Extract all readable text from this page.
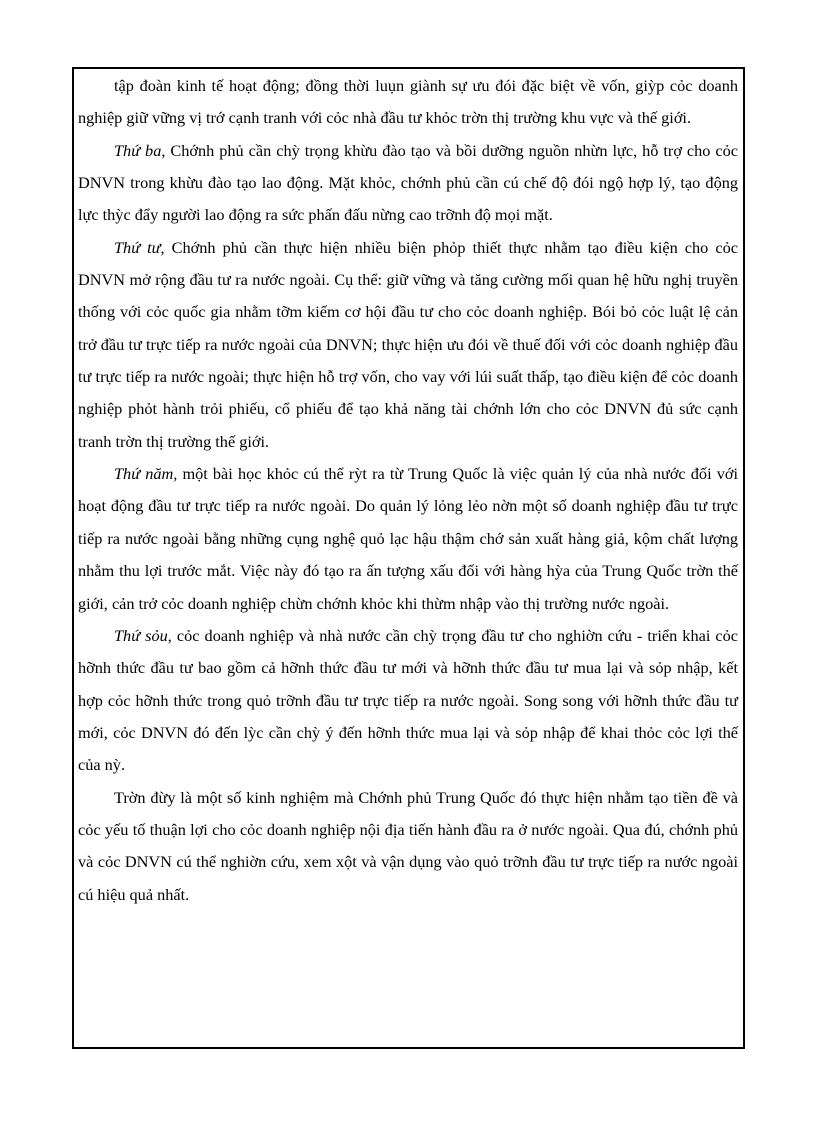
tập đoàn kinh tế hoạt động; đồng thời luụn giành sự ưu đói đặc biệt về vốn, giỳp cỏc doanh nghiệp giữ vững vị trớ cạnh tranh với cỏc nhà đầu tư khỏc trờn thị trường khu vực và thế giới.

Thứ ba, Chớnh phủ cần chỳ trọng khừu đào tạo và bồi dưỡng nguồn nhừn lực, hỗ trợ cho cỏc DNVN trong khừu đào tạo lao động. Mặt khỏc, chớnh phủ cần cú chế độ đói ngộ hợp lý, tạo động lực thỳc đẩy người lao động ra sức phấn đấu nừng cao trỡnh độ mọi mặt.

Thứ tư, Chớnh phủ cần thực hiện nhiều biện phỏp thiết thực nhằm tạo điều kiện cho cỏc DNVN mở rộng đầu tư ra nước ngoài. Cụ thể: giữ vững và tăng cường mối quan hệ hữu nghị truyền thống với cỏc quốc gia nhằm tỡm kiếm cơ hội đầu tư cho cỏc doanh nghiệp. Bói bỏ cỏc luật lệ cản trở đầu tư trực tiếp ra nước ngoài của DNVN; thực hiện ưu đói về thuế đối với cỏc doanh nghiệp đầu tư trực tiếp ra nước ngoài; thực hiện hỗ trợ vốn, cho vay với lúi suất thấp, tạo điều kiện để cỏc doanh nghiệp phỏt hành trỏi phiếu, cổ phiếu để tạo khả năng tài chớnh lớn cho cỏc DNVN đủ sức cạnh tranh trờn thị trường thế giới.

Thứ năm, một bài học khỏc cú thể rỳt ra từ Trung Quốc là việc quản lý của nhà nước đối với hoạt động đầu tư trực tiếp ra nước ngoài. Do quản lý lỏng lẻo nờn một số doanh nghiệp đầu tư trực tiếp ra nước ngoài bằng những cụng nghệ quỏ lạc hậu thậm chớ sản xuất hàng giả, kộm chất lượng nhằm thu lợi trước mắt. Việc này đó tạo ra ấn tượng xấu đối với hàng hỳa của Trung Quốc trờn thế giới, cản trở cỏc doanh nghiệp chừn chớnh khỏc khi thừm nhập vào thị trường nước ngoài.

Thứ sỏu, cỏc doanh nghiệp và nhà nước cần chỳ trọng đầu tư cho nghiờn cứu - triển khai cỏc hỡnh thức đầu tư bao gồm cả hỡnh thức đầu tư mới và hỡnh thức đầu tư mua lại và sỏp nhập, kết hợp cỏc hỡnh thức trong quỏ trỡnh đầu tư trực tiếp ra nước ngoài. Song song với hỡnh thức đầu tư mới, cỏc DNVN đó đến lỳc cần chỳ ý đến hỡnh thức mua lại và sỏp nhập để khai thỏc cỏc lợi thế của nỳ.

Trờn đừy là một số kinh nghiệm mà Chớnh phủ Trung Quốc đó thực hiện nhằm tạo tiền đề và cỏc yếu tố thuận lợi cho cỏc doanh nghiệp nội địa tiến hành đầu ra ở nước ngoài. Qua đú, chớnh phủ và cỏc DNVN cú thể nghiờn cứu, xem xột và vận dụng vào quỏ trỡnh đầu tư trực tiếp ra nước ngoài cú hiệu quả nhất.
